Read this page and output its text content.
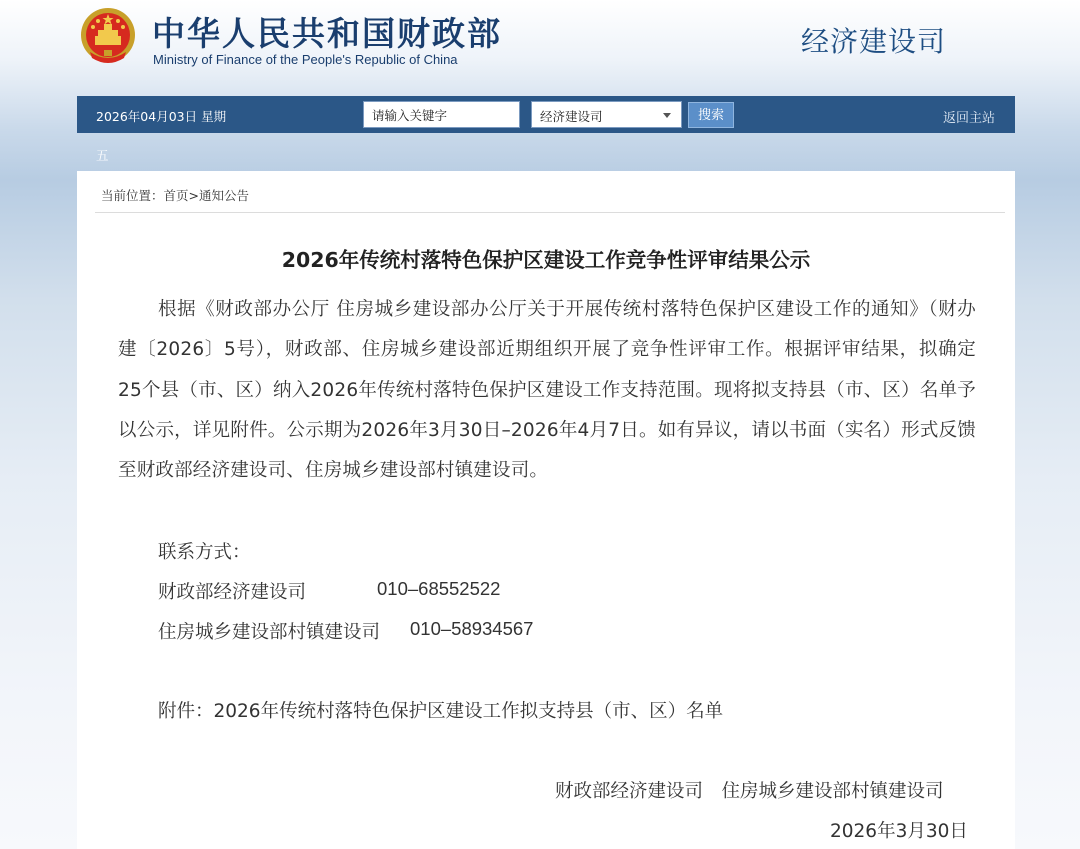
中华人民共和国财政部
Ministry of Finance of the People's Republic of China
经济建设司
2026年04月03日 星期
请输入关键字	经济建设司	搜索	返回主站
五
当前位置：首页>通知公告
2026年传统村落特色保护区建设工作竞争性评审结果公示
根据《财政部办公厅 住房城乡建设部办公厅关于开展传统村落特色保护区建设工作的通知》（财办建〔2026〕5号），财政部、住房城乡建设部近期组织开展了竞争性评审工作。根据评审结果，拟确定25个县（市、区）纳入2026年传统村落特色保护区建设工作支持范围。现将拟支持县（市、区）名单予以公示，详见附件。公示期为2026年3月30日–2026年4月7日。如有异议，请以书面（实名）形式反馈至财政部经济建设司、住房城乡建设部村镇建设司。
联系方式：
财政部经济建设司	010–68552522
住房城乡建设部村镇建设司 010–58934567
附件：2026年传统村落特色保护区建设工作拟支持县（市、区）名单
财政部经济建设司　住房城乡建设部村镇建设司
2026年3月30日
